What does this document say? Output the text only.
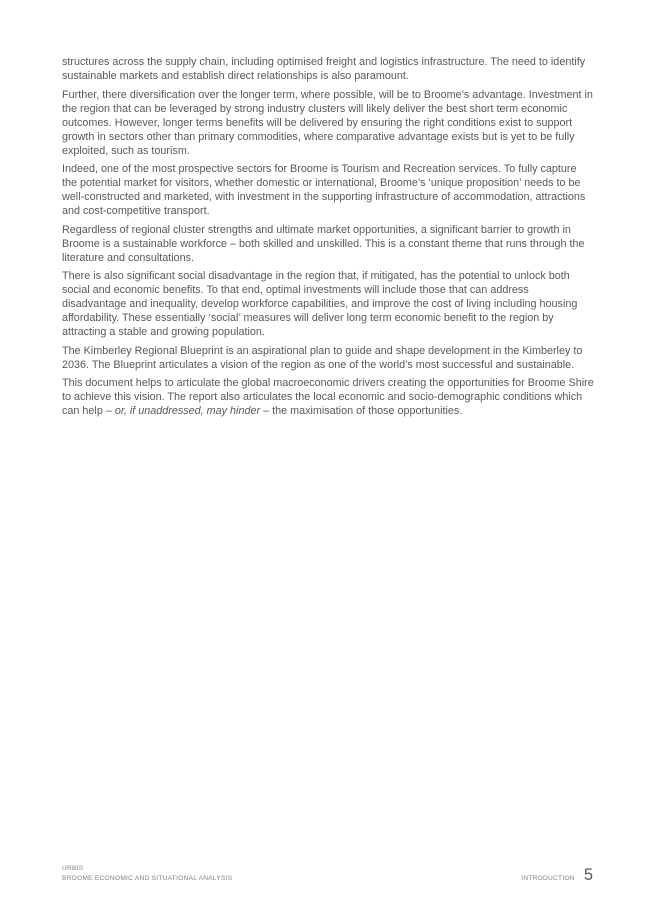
structures across the supply chain, including optimised freight and logistics infrastructure. The need to identify sustainable markets and establish direct relationships is also paramount.

Further, there diversification over the longer term, where possible, will be to Broome’s advantage. Investment in the region that can be leveraged by strong industry clusters will likely deliver the best short term economic outcomes. However, longer terms benefits will be delivered by ensuring the right conditions exist to support growth in sectors other than primary commodities, where comparative advantage exists but is yet to be fully exploited, such as tourism.

Indeed, one of the most prospective sectors for Broome is Tourism and Recreation services. To fully capture the potential market for visitors, whether domestic or international, Broome’s ‘unique proposition’ needs to be well-constructed and marketed, with investment in the supporting infrastructure of accommodation, attractions and cost-competitive transport.

Regardless of regional cluster strengths and ultimate market opportunities, a significant barrier to growth in Broome is a sustainable workforce – both skilled and unskilled. This is a constant theme that runs through the literature and consultations.

There is also significant social disadvantage in the region that, if mitigated, has the potential to unlock both social and economic benefits. To that end, optimal investments will include those that can address disadvantage and inequality, develop workforce capabilities, and improve the cost of living including housing affordability. These essentially ‘social’ measures will deliver long term economic benefit to the region by attracting a stable and growing population.

The Kimberley Regional Blueprint is an aspirational plan to guide and shape development in the Kimberley to 2036. The Blueprint articulates a vision of the region as one of the world’s most successful and sustainable.

This document helps to articulate the global macroeconomic drivers creating the opportunities for Broome Shire to achieve this vision. The report also articulates the local economic and socio-demographic conditions which can help – or, if unaddressed, may hinder – the maximisation of those opportunities.

URBIS
BROOME ECONOMIC AND SITUATIONAL ANALYSIS	INTRODUCTION 5
